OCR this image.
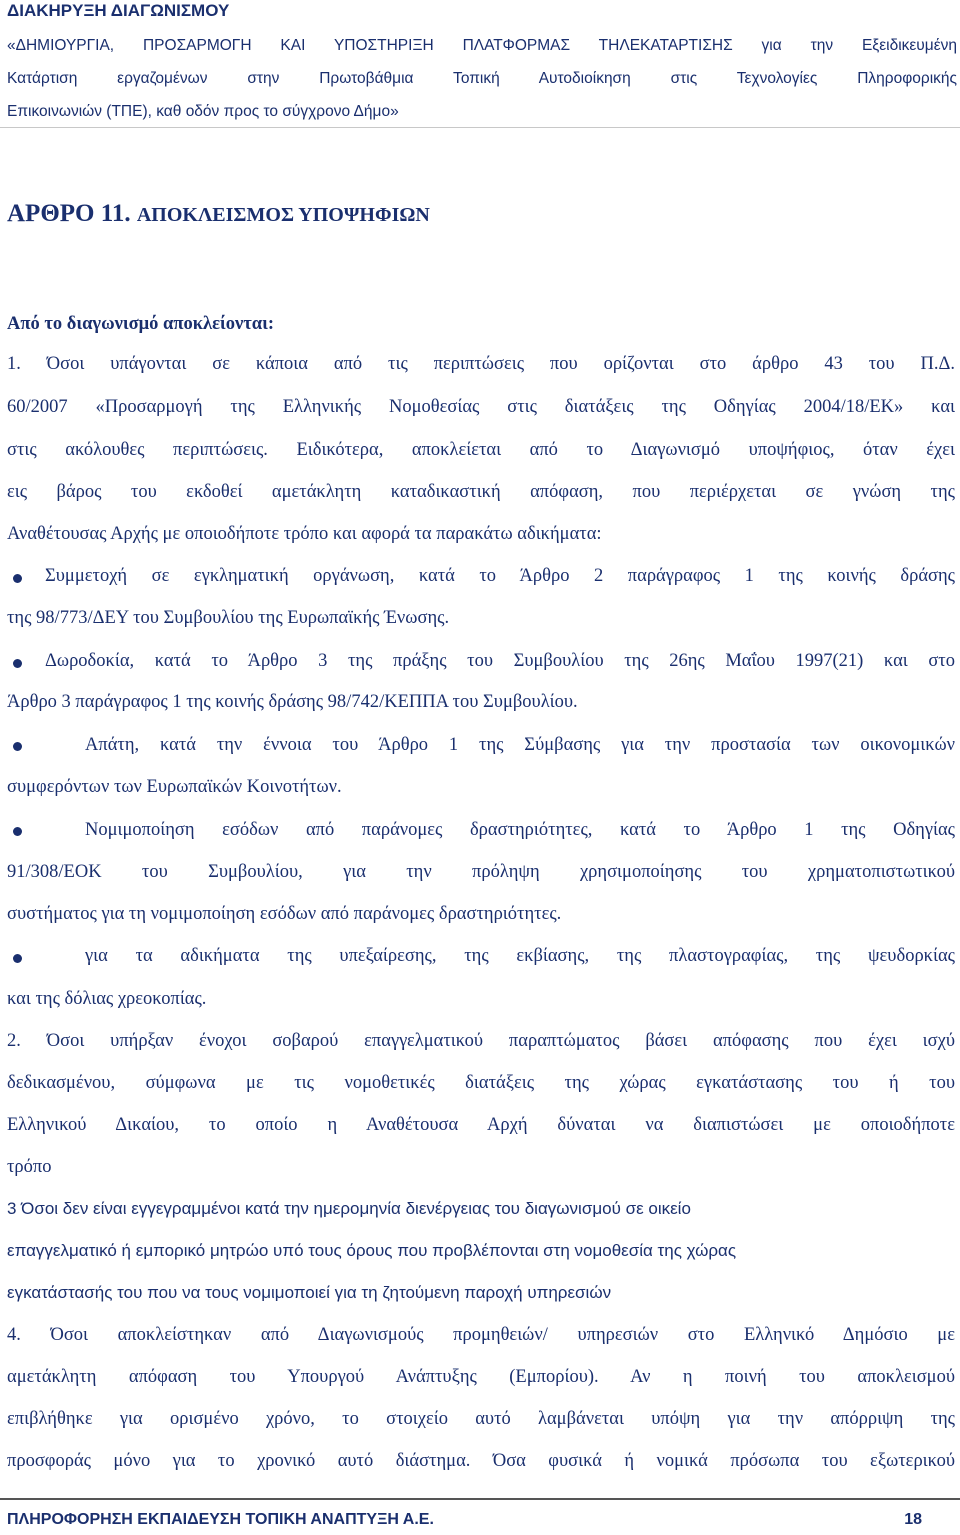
ΔΙΑΚΗΡΥΞΗ ΔΙΑΓΩΝΙΣΜΟΥ
«ΔΗΜΙΟΥΡΓΙΑ, ΠΡΟΣΑΡΜΟΓΗ ΚΑΙ ΥΠΟΣΤΗΡΙΞΗ ΠΛΑΤΦΟΡΜΑΣ ΤΗΛΕΚΑΤΑΡΤΙΣΗΣ για την Εξειδικευμένη
Κατάρτιση εργαζομένων στην Πρωτοβάθμια Τοπική Αυτοδιοίκηση στις Τεχνολογίες Πληροφορικής
Επικοινωνιών (ΤΠΕ), καθ οδόν προς το σύγχρονο Δήμο»
ΑΡΘΡΟ 11. ΑΠΟΚΛΕΙΣΜΟΣ ΥΠΟΨΗΦΙΩΝ
Από το διαγωνισμό αποκλείονται:
1. Όσοι υπάγονται σε κάποια από τις περιπτώσεις που ορίζονται στο άρθρο 43 του Π.Δ.
60/2007 «Προσαρμογή της Ελληνικής Νομοθεσίας στις διατάξεις της Οδηγίας 2004/18/ΕΚ» και
στις ακόλουθες περιπτώσεις. Ειδικότερα, αποκλείεται από το Διαγωνισμό υποψήφιος, όταν έχει
εις βάρος του εκδοθεί αμετάκλητη καταδικαστική απόφαση, που περιέρχεται σε γνώση της
Αναθέτουσας Αρχής με οποιοδήποτε τρόπο και αφορά τα παρακάτω αδικήματα:
Συμμετοχή σε εγκληματική οργάνωση, κατά το Άρθρο 2 παράγραφος 1 της κοινής δράσης
της 98/773/ΔΕΥ του Συμβουλίου της Ευρωπαϊκής Ένωσης.
Δωροδοκία, κατά το Άρθρο 3 της πράξης του Συμβουλίου της 26ης Μαΐου 1997(21) και στο
Άρθρο 3 παράγραφος 1 της κοινής δράσης 98/742/ΚΕΠΠΑ του Συμβουλίου.
Απάτη, κατά την έννοια του Άρθρο 1 της Σύμβασης για την προστασία των οικονομικών
συμφερόντων των Ευρωπαϊκών Κοινοτήτων.
Νομιμοποίηση εσόδων από παράνομες δραστηριότητες, κατά το Άρθρο 1 της Οδηγίας
91/308/ΕΟΚ του Συμβουλίου, για την πρόληψη χρησιμοποίησης του χρηματοπιστωτικού
συστήματος για τη νομιμοποίηση εσόδων από παράνομες δραστηριότητες.
για τα αδικήματα της υπεξαίρεσης, της εκβίασης, της πλαστογραφίας, της ψευδορκίας
και της δόλιας χρεοκοπίας.
2. Όσοι υπήρξαν ένοχοι σοβαρού επαγγελματικού παραπτώματος βάσει απόφασης που έχει ισχύ
δεδικασμένου, σύμφωνα με τις νομοθετικές διατάξεις της χώρας εγκατάστασης του ή του
Ελληνικού Δικαίου, το οποίο η Αναθέτουσα Αρχή δύναται να διαπιστώσει με οποιοδήποτε
τρόπο
3 Όσοι δεν είναι εγγεγραμμένοι κατά την ημερομηνία διενέργειας του διαγωνισμού σε οικείο
επαγγελματικό ή εμπορικό μητρώο υπό τους όρους που προβλέπονται στη νομοθεσία της χώρας
εγκατάστασής του που να τους νομιμοποιεί για τη ζητούμενη παροχή υπηρεσιών
4. Όσοι αποκλείστηκαν από Διαγωνισμούς προμηθειών/ υπηρεσιών στο Ελληνικό Δημόσιο με
αμετάκλητη απόφαση του Υπουργού Ανάπτυξης (Εμπορίου). Αν η ποινή του αποκλεισμού
επιβλήθηκε για ορισμένο χρόνο, το στοιχείο αυτό λαμβάνεται υπόψη για την απόρριψη της
προσφοράς μόνο για το χρονικό αυτό διάστημα. Όσα φυσικά ή νομικά πρόσωπα του εξωτερικού
ΠΛΗΡΟΦΟΡΗΣΗ ΕΚΠΑΙΔΕΥΣΗ ΤΟΠΙΚΗ ΑΝΑΠΤΥΞΗ Α.Ε.	18
